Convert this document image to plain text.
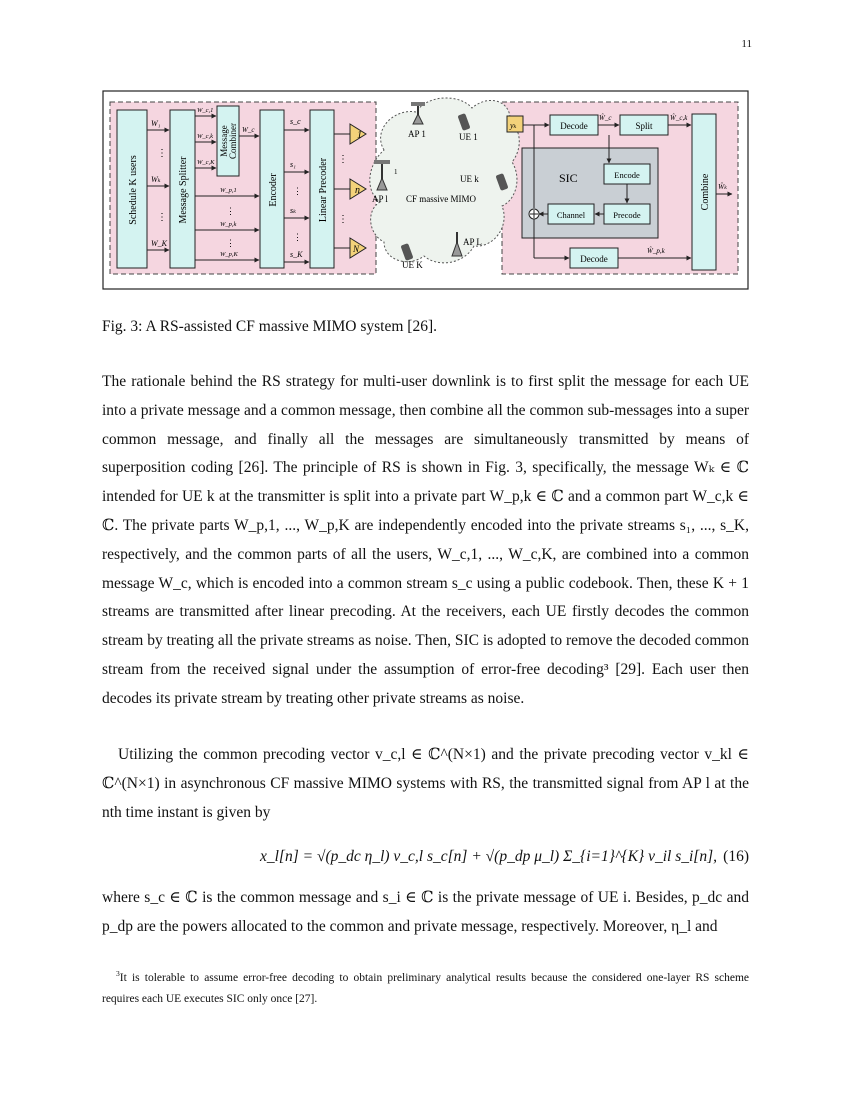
11
Schedule K users	Message Splitter
Message Combiner
Encoder	Linear Precoder
W₁
Wₖ
W_K
⋮
⋮
W_c,1
W_c,k
W_c,K
W_c
W_p,1
W_p,k
W_p,K
⋮
⋮
s_c
s₁
sₖ
s_K
⋮
⋮
1
n
N
⋮
⋮
AP 1
AP l
1
AP L
UE 1
UE k
UE K
CF massive MIMO
yₖ
SIC
Decode	Split
Ŵ_c
Encode
Channel	Precode
Decode
Ŵ_p,k
Ŵ_c,k
Combine Ŵₖ
Fig. 3: A RS-assisted CF massive MIMO system [26].
The rationale behind the RS strategy for multi-user downlink is to first split the message for each UE into a private message and a common message, then combine all the common sub-messages into a super common message, and finally all the messages are simultaneously transmitted by means of superposition coding [26]. The principle of RS is shown in Fig. 3, specifically, the message Wₖ ∈ ℂ intended for UE k at the transmitter is split into a private part W_p,k ∈ ℂ and a common part W_c,k ∈ ℂ. The private parts W_p,1, ..., W_p,K are independently encoded into the private streams s₁, ..., s_K, respectively, and the common parts of all the users, W_c,1, ..., W_c,K, are combined into a common message W_c, which is encoded into a common stream s_c using a public codebook. Then, these K + 1 streams are transmitted after linear precoding. At the receivers, each UE firstly decodes the common stream by treating all the private streams as noise. Then, SIC is adopted to remove the decoded common stream from the received signal under the assumption of error-free decoding³ [29]. Each user then decodes its private stream by treating other private streams as noise.
Utilizing the common precoding vector v_c,l ∈ ℂ^(N×1) and the private precoding vector v_kl ∈ ℂ^(N×1) in asynchronous CF massive MIMO systems with RS, the transmitted signal from AP l at the nth time instant is given by
x_l[n] = √(p_dc η_l) v_c,l s_c[n] + √(p_dp μ_l) Σ_{i=1}^{K} v_il s_i[n], (16)
where s_c ∈ ℂ is the common message and s_i ∈ ℂ is the private message of UE i. Besides, p_dc and p_dp are the powers allocated to the common and private message, respectively. Moreover, η_l and
$^3$It is tolerable to assume error-free decoding to obtain preliminary analytical results because the considered one-layer RS scheme requires each UE executes SIC only once [27].
